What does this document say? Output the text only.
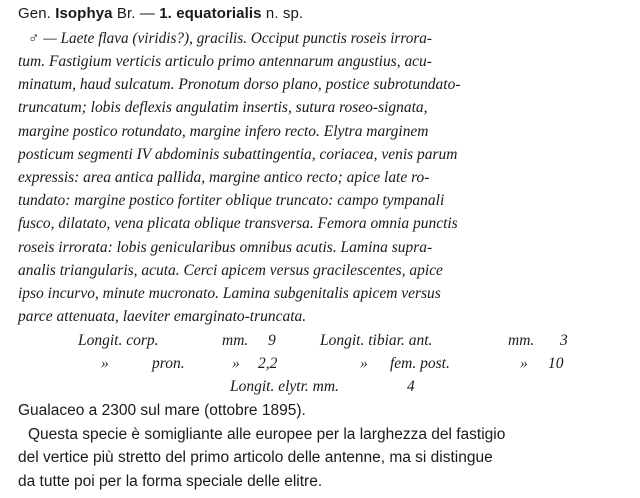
Gen. Isophya Br. — 1. equatorialis n. sp.
♂ — Laete flava (viridis?), gracilis. Occiput punctis roseis irrora-
tum. Fastigium verticis articulo primo antennarum angustius, acu-
minatum, haud sulcatum. Pronotum dorso plano, postice subrotundato-
truncatum; lobis deflexis angulatim insertis, sutura roseo-signata,
margine postico rotundato, margine infero recto. Elytra marginem
posticum segmenti IV abdominis subattingentia, coriacea, venis parum
expressis: area antica pallida, margine antico recto; apice late ro-
tundato: margine postico fortiter oblique truncato: campo tympanali
fusco, dilatato, vena plicata oblique transversa. Femora omnia punctis
roseis irrorata: lobis genicularibus omnibus acutis. Lamina supra-
analis triangularis, acuta. Cerci apicem versus gracilescentes, apice
ipso incurvo, minute mucronato. Lamina subgenitalis apicem versus
parce attenuata, laeviter emarginato-truncata.
Longit. corp.	mm. 9	Longit. tibiar. ant.	mm. 3
»	pron.	» 2,2	» fem. post.	» 10
Longit. elytr. mm.	4
Gualaceo a 2300 sul mare (ottobre 1895).
Questa specie è somigliante alle europee per la larghezza del fastigio
del vertice più stretto del primo articolo delle antenne, ma si distingue
da tutte poi per la forma speciale delle elitre.
